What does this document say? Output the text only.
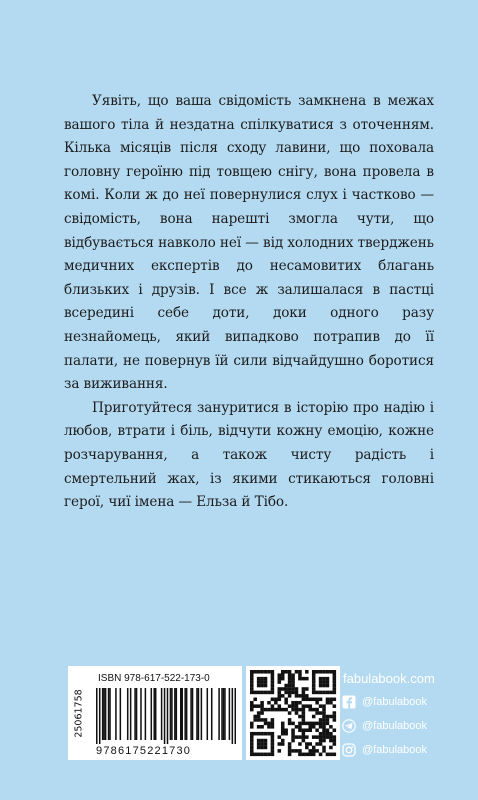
Уявіть, що ваша свідомість замкнена в межах вашого тіла й нездатна спілкуватися з оточенням. Кілька місяців після сходу лавини, що поховала головну героїню під товщею снігу, вона провела в комі. Коли ж до неї повернулися слух і частково — свідомість, вона нарешті змогла чути, що відбувається навколо неї — від холодних тверджень медичних експертів до несамовитих благань близьких і друзів. І все ж залишалася в пастці всередині себе доти, доки одного разу незнайомець, який випадково потрапив до її палати, не повернув їй сили відчайдушно боротися за виживання.

Приготуйтеся зануритися в історію про надію і любов, втрати і біль, відчути кожну емоцію, кожне розчарування, а також чисту радість і смертельний жах, із якими стикаються головні герої, чиї імена — Ельза й Тібо.

25061758
ISBN 978-617-522-173-0
9786175221730
fabulabook.com
@fabulabook
@fabulabook
@fabulabook
